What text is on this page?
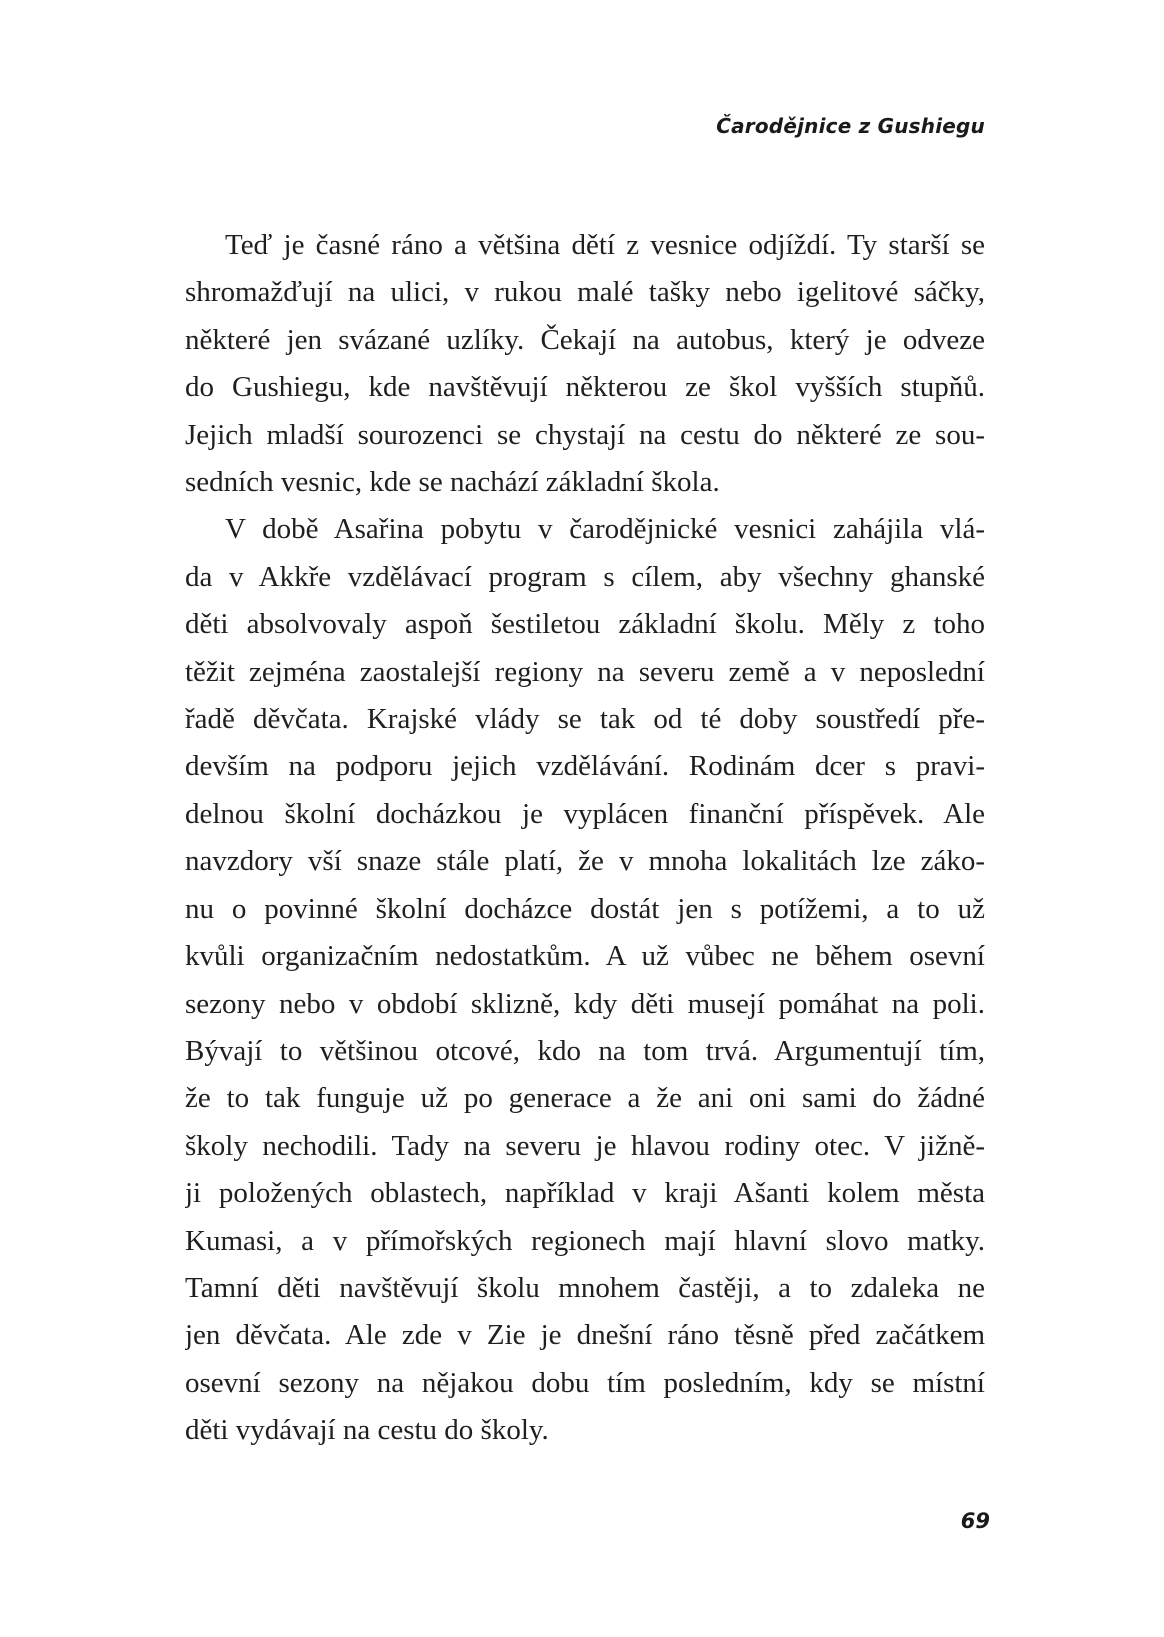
Čarodějnice z Gushiegu
Teď je časné ráno a většina dětí z vesnice odjíždí. Ty starší se
shromažďují na ulici, v rukou malé tašky nebo igelitové sáčky,
některé jen svázané uzlíky. Čekají na autobus, který je odveze
do Gushiegu, kde navštěvují některou ze škol vyšších stupňů.
Jejich mladší sourozenci se chystají na cestu do některé ze sou-
sedních vesnic, kde se nachází základní škola.
V době Asařina pobytu v čarodějnické vesnici zahájila vlá-
da v Akkře vzdělávací program s cílem, aby všechny ghanské
děti absolvovaly aspoň šestiletou základní školu. Měly z toho
těžit zejména zaostalejší regiony na severu země a v neposlední
řadě děvčata. Krajské vlády se tak od té doby soustředí pře-
devším na podporu jejich vzdělávání. Rodinám dcer s pravi-
delnou školní docházkou je vyplácen finanční příspěvek. Ale
navzdory vší snaze stále platí, že v mnoha lokalitách lze záko-
nu o povinné školní docházce dostát jen s potížemi, a to už
kvůli organizačním nedostatkům. A už vůbec ne během osevní
sezony nebo v období sklizně, kdy děti musejí pomáhat na poli.
Bývají to většinou otcové, kdo na tom trvá. Argumentují tím,
že to tak funguje už po generace a že ani oni sami do žádné
školy nechodili. Tady na severu je hlavou rodiny otec. V jižně-
ji položených oblastech, například v kraji Ašanti kolem města
Kumasi, a v přímořských regionech mají hlavní slovo matky.
Tamní děti navštěvují školu mnohem častěji, a to zdaleka ne
jen děvčata. Ale zde v Zie je dnešní ráno těsně před začátkem
osevní sezony na nějakou dobu tím posledním, kdy se místní
děti vydávají na cestu do školy.
69
